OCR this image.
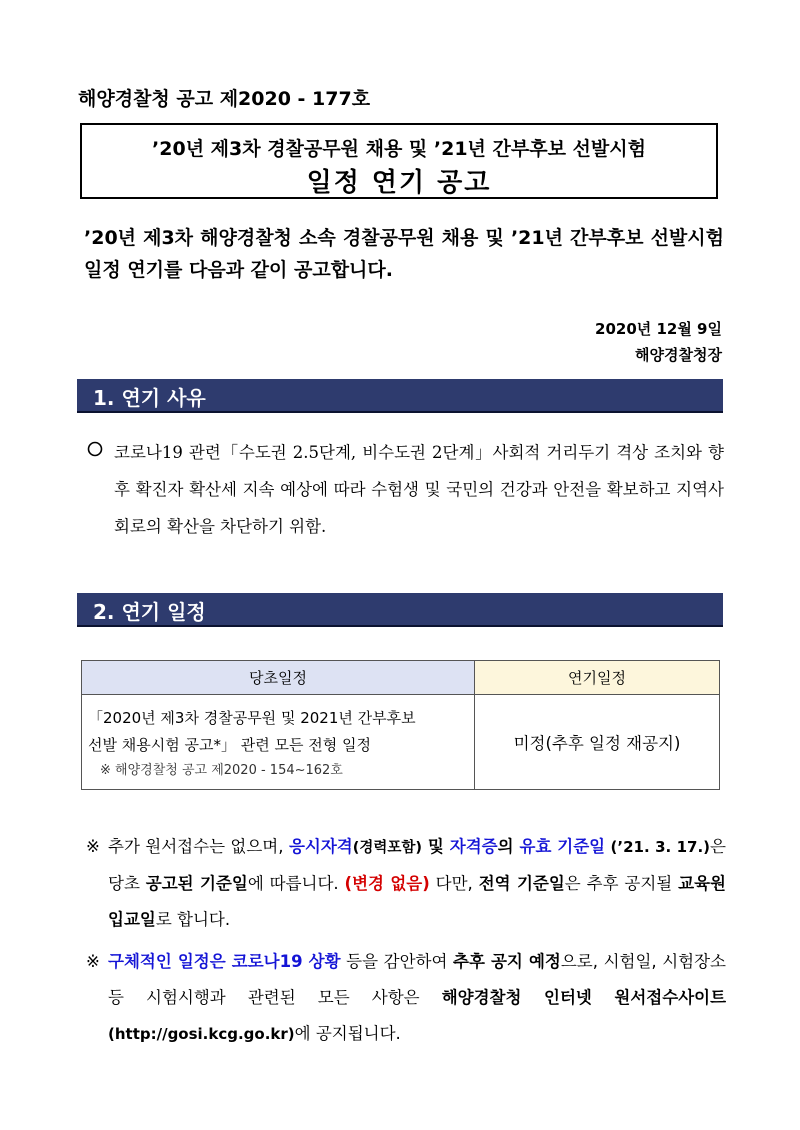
해양경찰청 공고 제2020 - 177호
’20년 제3차 경찰공무원 채용 및 ’21년 간부후보 선발시험
일정 연기 공고
’20년 제3차 해양경찰청 소속 경찰공무원 채용 및 ’21년 간부후보 선발시험 일정 연기를 다음과 같이 공고합니다.
2020년 12월 9일
해양경찰청장
1. 연기 사유
코로나19 관련「수도권 2.5단계, 비수도권 2단계」사회적 거리두기 격상 조치와 향후 확진자 확산세 지속 예상에 따라 수험생 및 국민의 건강과 안전을 확보하고 지역사회로의 확산을 차단하기 위함.
2. 연기 일정
당초일정	연기일정

「2020년 제3차 경찰공무원 및 2021년 간부후보
선발 채용시험 공고*」 관련 모든 전형 일정
※ 해양경찰청 공고 제2020 - 154~162호	미정(추후 일정 재공지)
※ 추가 원서접수는 없으며, 응시자격(경력포함) 및 자격증의 유효 기준일 (’21. 3. 17.)은 당초 공고된 기준일에 따릅니다. (변경 없음) 다만, 전역 기준일은 추후 공지될 교육원 입교일로 합니다.
※ 구체적인 일정은 코로나19 상황 등을 감안하여 추후 공지 예정으로, 시험일, 시험장소 등 시험시행과 관련된 모든 사항은 해양경찰청 인터넷 원서접수사이트(http://gosi.kcg.go.kr)에 공지됩니다.
